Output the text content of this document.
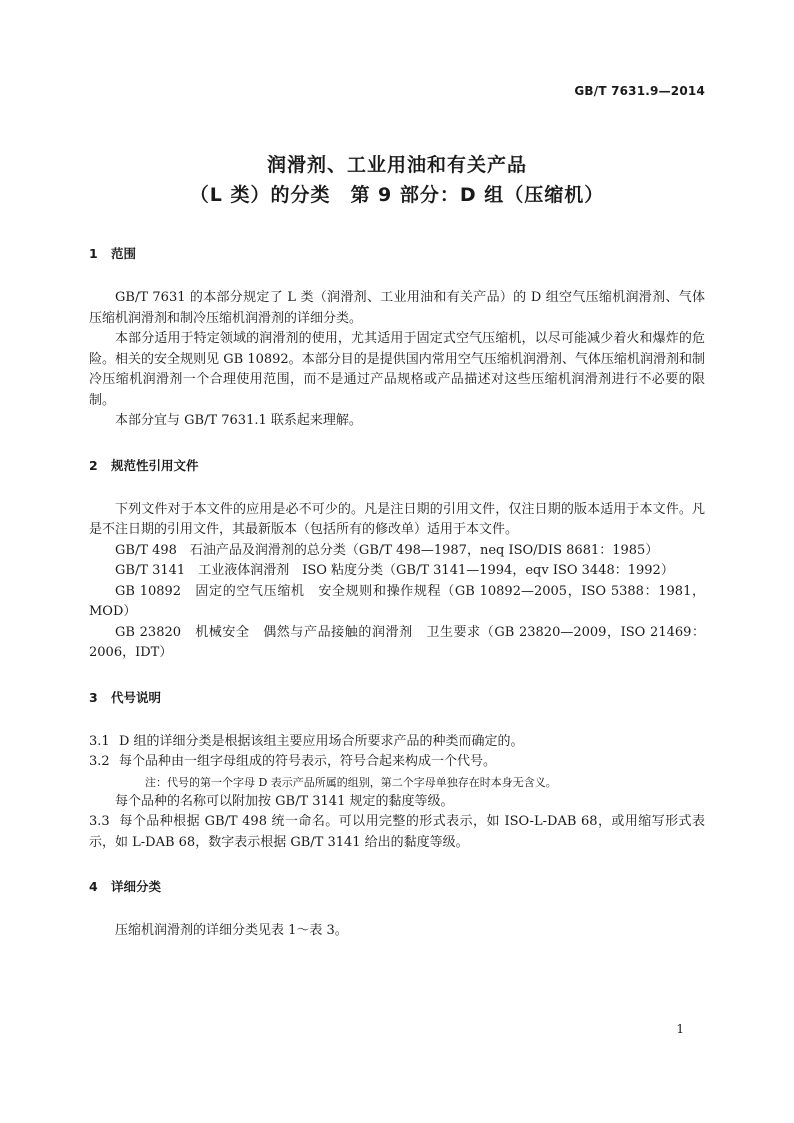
GB/T 7631.9—2014
润滑剂、工业用油和有关产品
（L 类）的分类　第 9 部分：D 组（压缩机）
1 范围

GB/T 7631 的本部分规定了 L 类（润滑剂、工业用油和有关产品）的 D 组空气压缩机润滑剂、气体压缩机润滑剂和制冷压缩机润滑剂的详细分类。

本部分适用于特定领域的润滑剂的使用，尤其适用于固定式空气压缩机，以尽可能减少着火和爆炸的危险。相关的安全规则见 GB 10892。本部分目的是提供国内常用空气压缩机润滑剂、气体压缩机润滑剂和制冷压缩机润滑剂一个合理使用范围，而不是通过产品规格或产品描述对这些压缩机润滑剂进行不必要的限制。

本部分宜与 GB/T 7631.1 联系起来理解。

2 规范性引用文件

下列文件对于本文件的应用是必不可少的。凡是注日期的引用文件，仅注日期的版本适用于本文件。凡是不注日期的引用文件，其最新版本（包括所有的修改单）适用于本文件。

GB/T 498　石油产品及润滑剂的总分类（GB/T 498—1987，neq ISO/DIS 8681：1985）

GB/T 3141　工业液体润滑剂　ISO 粘度分类（GB/T 3141—1994，eqv ISO 3448：1992）

GB 10892　固定的空气压缩机　安全规则和操作规程（GB 10892—2005，ISO 5388：1981，MOD）

GB 23820　机械安全　偶然与产品接触的润滑剂　卫生要求（GB 23820—2009，ISO 21469：2006，IDT）

3 代号说明

3.1 D 组的详细分类是根据该组主要应用场合所要求产品的种类而确定的。

3.2 每个品种由一组字母组成的符号表示，符号合起来构成一个代号。

注：代号的第一个字母 D 表示产品所属的组别，第二个字母单独存在时本身无含义。

每个品种的名称可以附加按 GB/T 3141 规定的黏度等级。

3.3 每个品种根据 GB/T 498 统一命名。可以用完整的形式表示，如 ISO-L-DAB 68，或用缩写形式表示，如 L-DAB 68，数字表示根据 GB/T 3141 给出的黏度等级。

4 详细分类

压缩机润滑剂的详细分类见表 1～表 3。

1
